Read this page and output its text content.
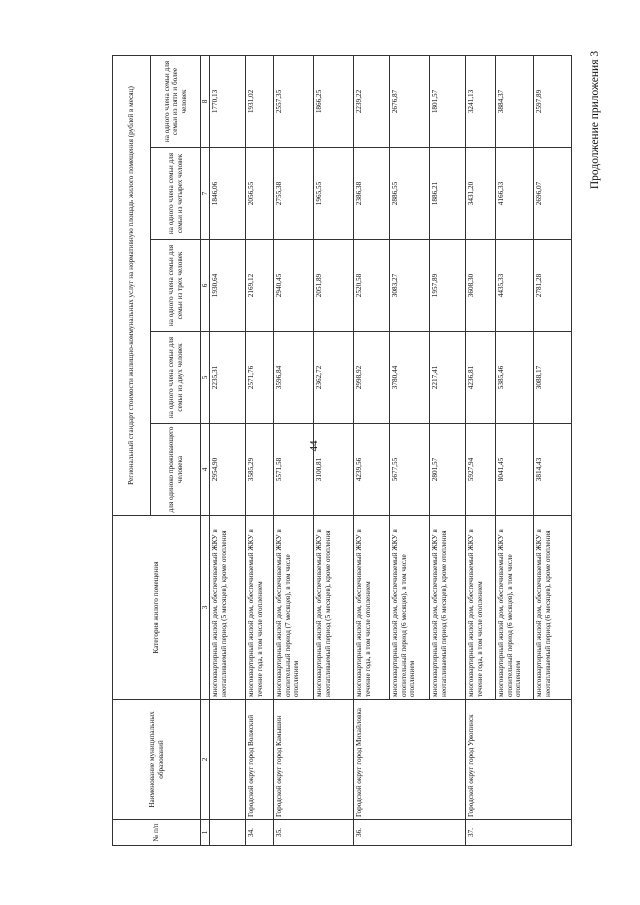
44
Продолжение приложения 3
№ п/п	Наименование муниципальных образований	Категория жилого помещения	Региональный стандарт стоимости жилищно-коммунальных услуг на нормативную площадь жилого помещения (рублей в месяц)				
			для одиноко проживающего человека	на одного члена семьи для семьи из двух человек	на одного члена семьи для семьи из трех человек	на одного члена семьи для семьи из четырех человек	на одного члена семьи для семьи из пяти и более человек
1	2	3	4	5	6	7	8
		многоквартирный жилой дом, обеспечиваемый ЖКУ в неотапливаемый период (5 месяцев), кроме отопления	2954,90	2235,31	1930,64	1846,06	1770,13
34.	Городской округ город Волжский	многоквартирный жилой дом, обеспечиваемый ЖКУ в течение года, в том числе отоплением	3585,29	2571,76	2169,12	2056,55	1931,02
35.	Городской округ город Камышин	многоквартирный жилой дом, обеспечиваемый ЖКУ в отопительный период (7 месяцев), в том числе отоплением	5571,58	3596,84	2940,45	2755,38	2557,35
		многоквартирный жилой дом, обеспечиваемый ЖКУ в неотапливаемый период (5 месяцев), кроме отопления	3100,81	2362,72	2051,89	1965,55	1866,25
36.	Городской округ город Михайловка	многоквартирный жилой дом, обеспечиваемый ЖКУ в течение года, в том числе отоплением	4239,56	2998,92	2520,58	2386,38	2239,22
		многоквартирный жилой дом, обеспечиваемый ЖКУ в отопительный период (6 месяцев), в том числе отоплением	5677,55	3780,44	3083,27	2886,55	2676,87
		многоквартирный жилой дом, обеспечиваемый ЖКУ в неотапливаемый период (6 месяцев), кроме отопления	2801,57	2217,41	1957,89	1886,21	1801,57
37.	Городской округ город Урюпинск	многоквартирный жилой дом, обеспечиваемый ЖКУ в течение года, в том числе отоплением	5927,94	4236,81	3608,30	3431,20	3241,13
		многоквартирный жилой дом, обеспечиваемый ЖКУ в отопительный период (6 месяцев), в том числе отоплением	8041,45	5385,46	4435,33	4166,33	3884,37
		многоквартирный жилой дом, обеспечиваемый ЖКУ в неотапливаемый период (6 месяцев), кроме отопления	3814,43	3088,17	2781,28	2696,07	2597,89
